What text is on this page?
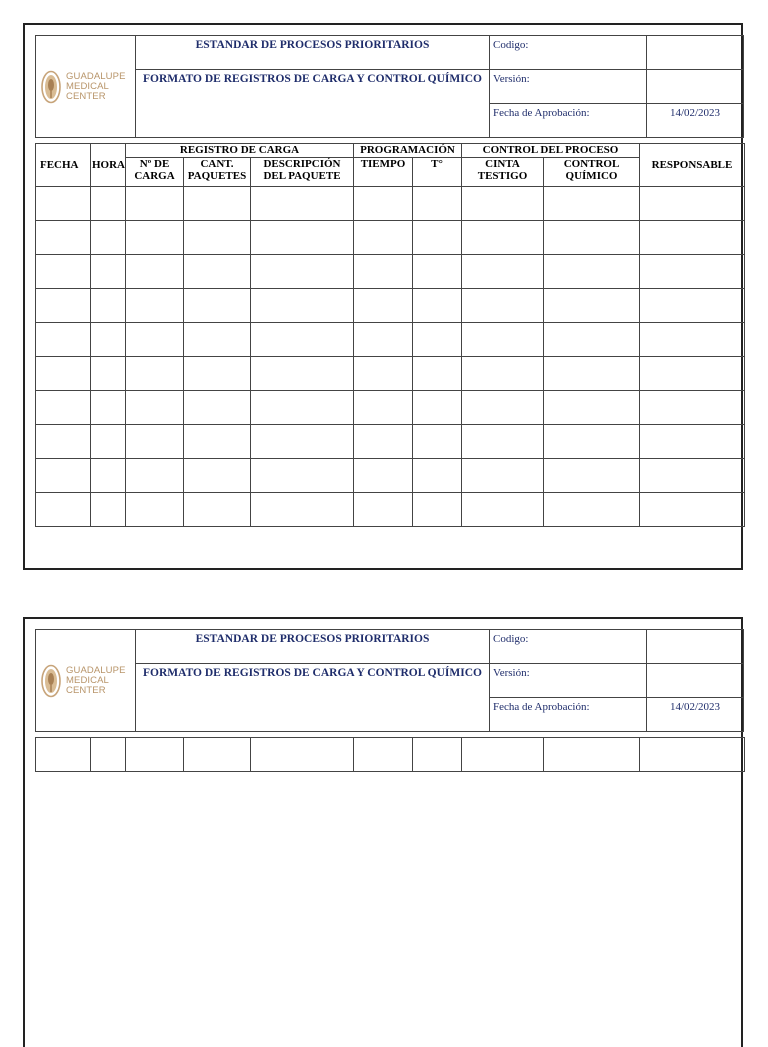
GUADALUPE
MEDICAL CENTER	ESTANDAR DE PROCESOS PRIORITARIOS	Codigo:	
	FORMATO DE REGISTROS DE CARGA Y CONTROL QUÍMICO	Versión:	
		Fecha de Aprobación:	14/02/2023
FECHA	HORA	REGISTRO DE CARGA			PROGRAMACIÓN		CONTROL DEL PROCESO		RESPONSABLE
		Nº DE CARGA	CANT. PAQUETES	DESCRIPCIÓN DEL PAQUETE	TIEMPO	T°	CINTA TESTIGO	CONTROL QUÍMICO	

GUADALUPE
MEDICAL CENTER	ESTANDAR DE PROCESOS PRIORITARIOS	Codigo:	
	FORMATO DE REGISTROS DE CARGA Y CONTROL QUÍMICO	Versión:	
		Fecha de Aprobación:	14/02/2023
